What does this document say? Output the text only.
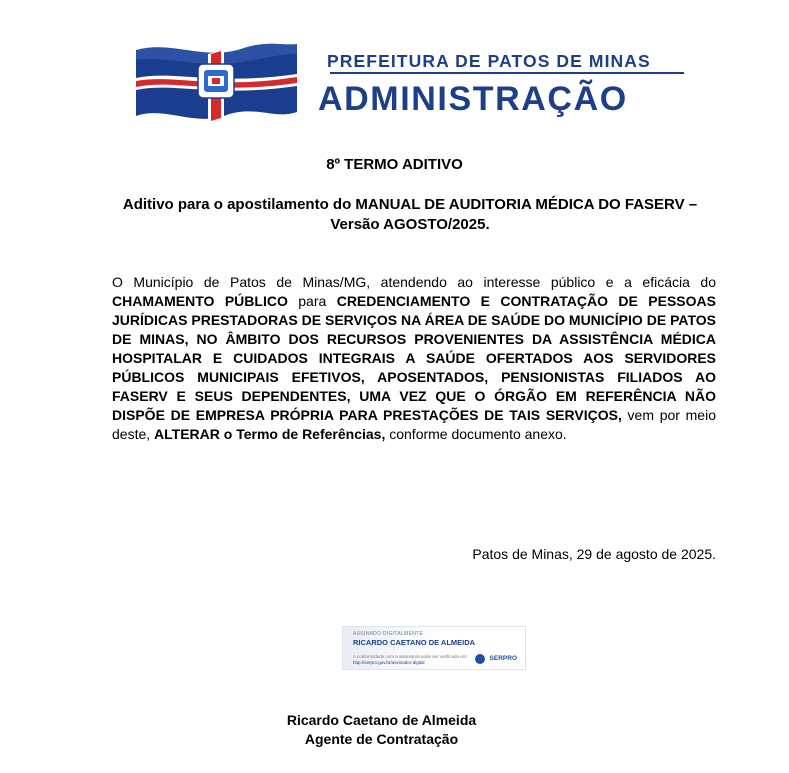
PREFEITURA DE PATOS DE MINAS
ADMINISTRAÇÃO
8º TERMO ADITIVO
Aditivo para o apostilamento do MANUAL DE AUDITORIA MÉDICA DO FASERV – Versão AGOSTO/2025.
O Município de Patos de Minas/MG, atendendo ao interesse público e a eficácia do CHAMAMENTO PÚBLICO para CREDENCIAMENTO E CONTRATAÇÃO DE PESSOAS JURÍDICAS PRESTADORAS DE SERVIÇOS NA ÁREA DE SAÚDE DO MUNICÍPIO DE PATOS DE MINAS, NO ÂMBITO DOS RECURSOS PROVENIENTES DA ASSISTÊNCIA MÉDICA HOSPITALAR E CUIDADOS INTEGRAIS A SAÚDE OFERTADOS AOS SERVIDORES PÚBLICOS MUNICIPAIS EFETIVOS, APOSENTADOS, PENSIONISTAS FILIADOS AO FASERV E SEUS DEPENDENTES, UMA VEZ QUE O ÓRGÃO EM REFERÊNCIA NÃO DISPÕE DE EMPRESA PRÓPRIA PARA PRESTAÇÕES DE TAIS SERVIÇOS, vem por meio deste, ALTERAR o Termo de Referências, conforme documento anexo.
Patos de Minas, 29 de agosto de 2025.
ASSINADO DIGITALMENTE
RICARDO CAETANO DE ALMEIDA
A conformidade com a assinatura pode ser verificada em:
http://serpro.gov.br/assinador-digital
SERPRO
Ricardo Caetano de Almeida
Agente de Contratação
